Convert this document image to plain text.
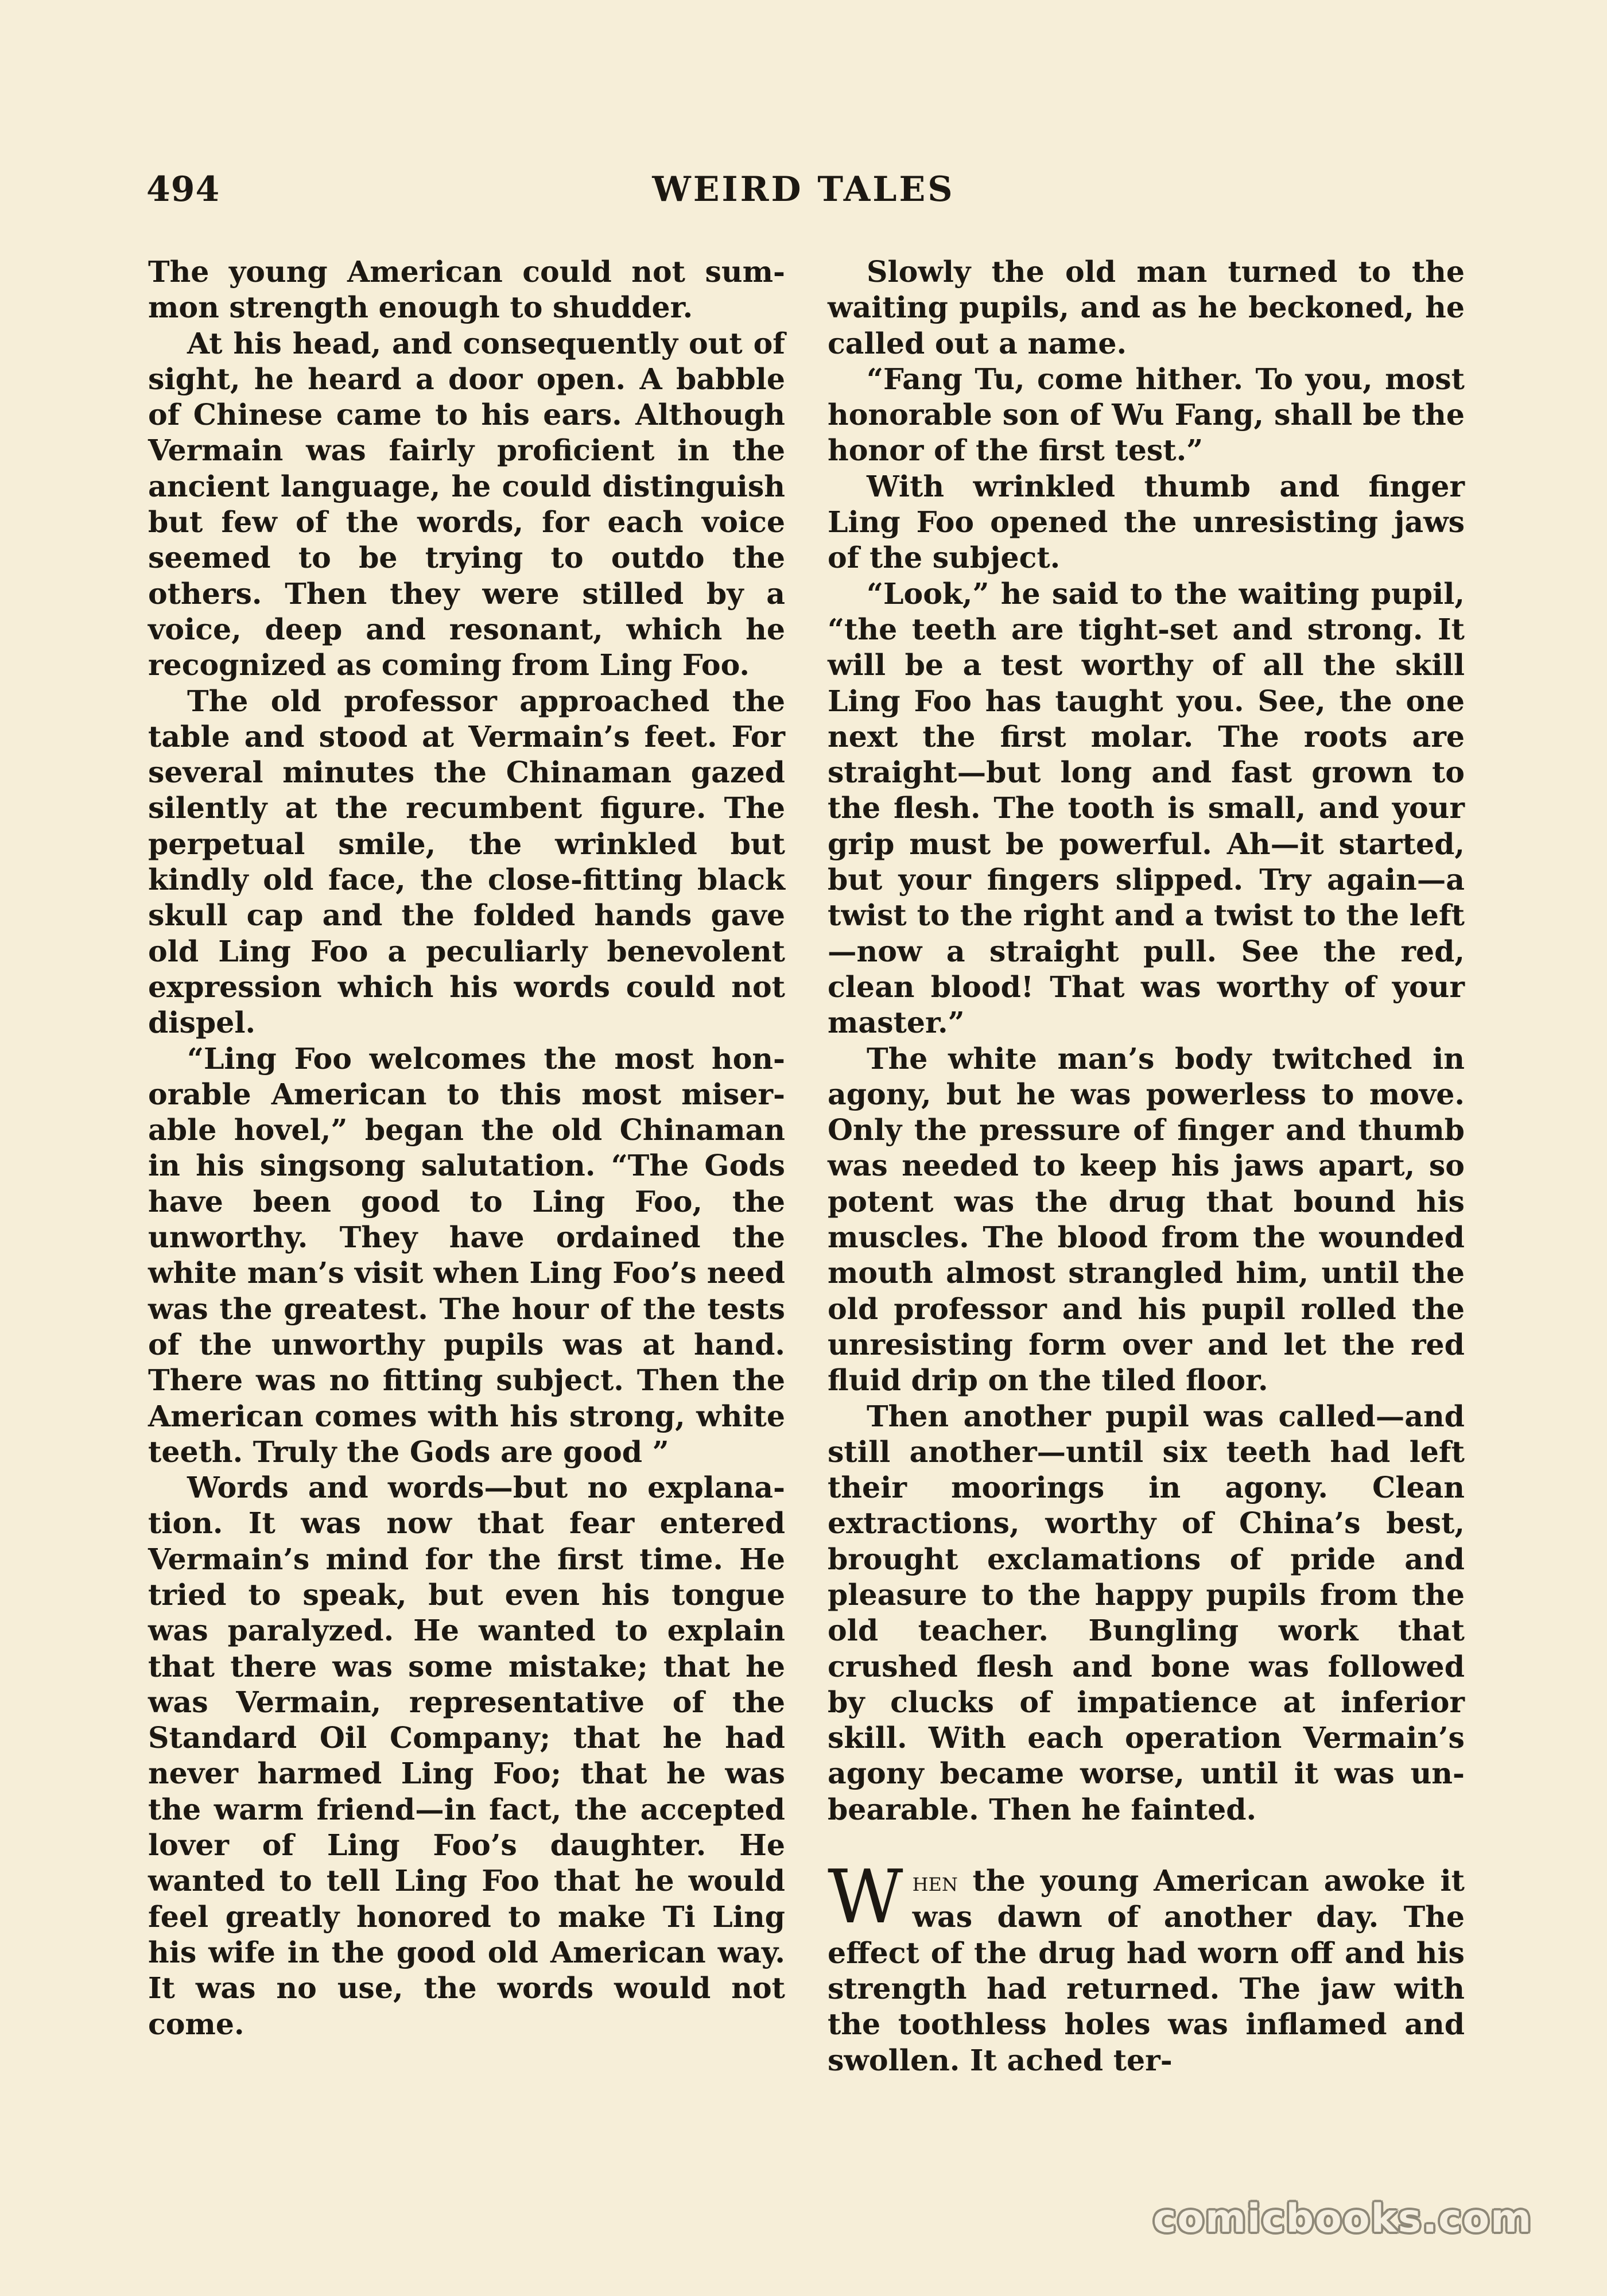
494	WEIRD TALES

The young American could not summon strength enough to shudder.

At his head, and consequently out of sight, he heard a door open. A babble of Chinese came to his ears. Although Vermain was fairly proficient in the ancient language, he could distinguish but few of the words, for each voice seemed to be trying to outdo the others. Then they were stilled by a voice, deep and resonant, which he recognized as coming from Ling Foo.

The old professor approached the table and stood at Vermain’s feet. For several minutes the Chinaman gazed silently at the recumbent figure. The perpetual smile, the wrinkled but kindly old face, the close-fitting black skull cap and the folded hands gave old Ling Foo a peculiarly benevolent expression which his words could not dispel.

“Ling Foo welcomes the most honorable American to this most miserable hovel,” began the old Chinaman in his singsong salutation. “The Gods have been good to Ling Foo, the unworthy. They have ordained the white man’s visit when Ling Foo’s need was the greatest. The hour of the tests of the unworthy pupils was at hand. There was no fitting subject. Then the American comes with his strong, white teeth. Truly the Gods are good ”

Words and words—but no explanation. It was now that fear entered Vermain’s mind for the first time. He tried to speak, but even his tongue was paralyzed. He wanted to explain that there was some mistake; that he was Vermain, representative of the Standard Oil Company; that he had never harmed Ling Foo; that he was the warm friend—in fact, the accepted lover of Ling Foo’s daughter. He wanted to tell Ling Foo that he would feel greatly honored to make Ti Ling his wife in the good old American way. It was no use, the words would not come.

Slowly the old man turned to the waiting pupils, and as he beckoned, he called out a name.

“Fang Tu, come hither. To you, most honorable son of Wu Fang, shall be the honor of the first test.”

With wrinkled thumb and finger Ling Foo opened the unresisting jaws of the subject.

“Look,” he said to the waiting pupil, “the teeth are tight-set and strong. It will be a test worthy of all the skill Ling Foo has taught you. See, the one next the first molar. The roots are straight—but long and fast grown to the flesh. The tooth is small, and your grip must be powerful. Ah—it started, but your fingers slipped. Try again—a twist to the right and a twist to the left—now a straight pull. See the red, clean blood! That was worthy of your master.”

The white man’s body twitched in agony, but he was powerless to move. Only the pressure of finger and thumb was needed to keep his jaws apart, so potent was the drug that bound his muscles. The blood from the wounded mouth almost strangled him, until the old professor and his pupil rolled the unresisting form over and let the red fluid drip on the tiled floor.

Then another pupil was called—and still another—until six teeth had left their moorings in agony. Clean extractions, worthy of China’s best, brought exclamations of pride and pleasure to the happy pupils from the old teacher. Bungling work that crushed flesh and bone was followed by clucks of impatience at inferior skill. With each operation Vermain’s agony became worse, until it was unbearable. Then he fainted.

When the young American awoke it was dawn of another day. The effect of the drug had worn off and his strength had returned. The jaw with the toothless holes was inflamed and swollen. It ached ter-

comicbooks.com
